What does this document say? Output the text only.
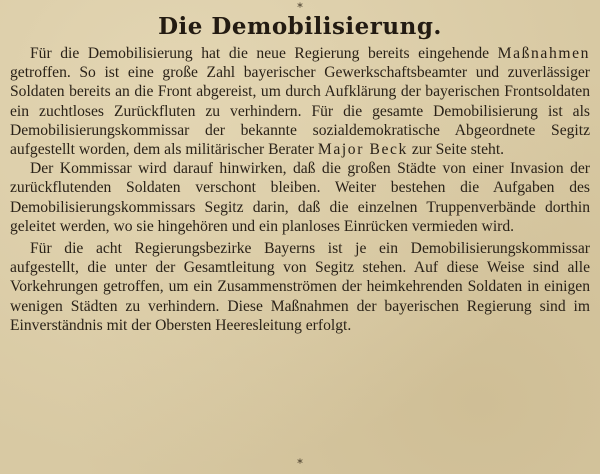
*
Die Demobilisierung.

Für die Demobilisierung hat die neue Regierung bereits eingehende Maßnahmen getroffen. So ist eine große Zahl bayerischer Gewerkschaftsbeamter und zuverlässiger Soldaten bereits an die Front abgereist, um durch Aufklärung der bayerischen Frontsoldaten ein zuchtloses Zurückfluten zu verhindern. Für die gesamte Demobilisierung ist als Demobilisierungskommissar der bekannte sozialdemokratische Abgeordnete Segitz aufgestellt worden, dem als militärischer Berater Major Beck zur Seite steht.

Der Kommissar wird darauf hinwirken, daß die großen Städte von einer Invasion der zurückflutenden Soldaten verschont bleiben. Weiter bestehen die Aufgaben des Demobilisierungskommissars Segitz darin, daß die einzelnen Truppenverbände dorthin geleitet werden, wo sie hingehören und ein planloses Einrücken vermieden wird.

Für die acht Regierungsbezirke Bayerns ist je ein Demobilisierungskommissar aufgestellt, die unter der Gesamtleitung von Segitz stehen. Auf diese Weise sind alle Vorkehrungen getroffen, um ein Zusammenströmen der heimkehrenden Soldaten in einigen wenigen Städten zu verhindern. Diese Maßnahmen der bayerischen Regierung sind im Einverständnis mit der Obersten Heeresleitung erfolgt.

*
